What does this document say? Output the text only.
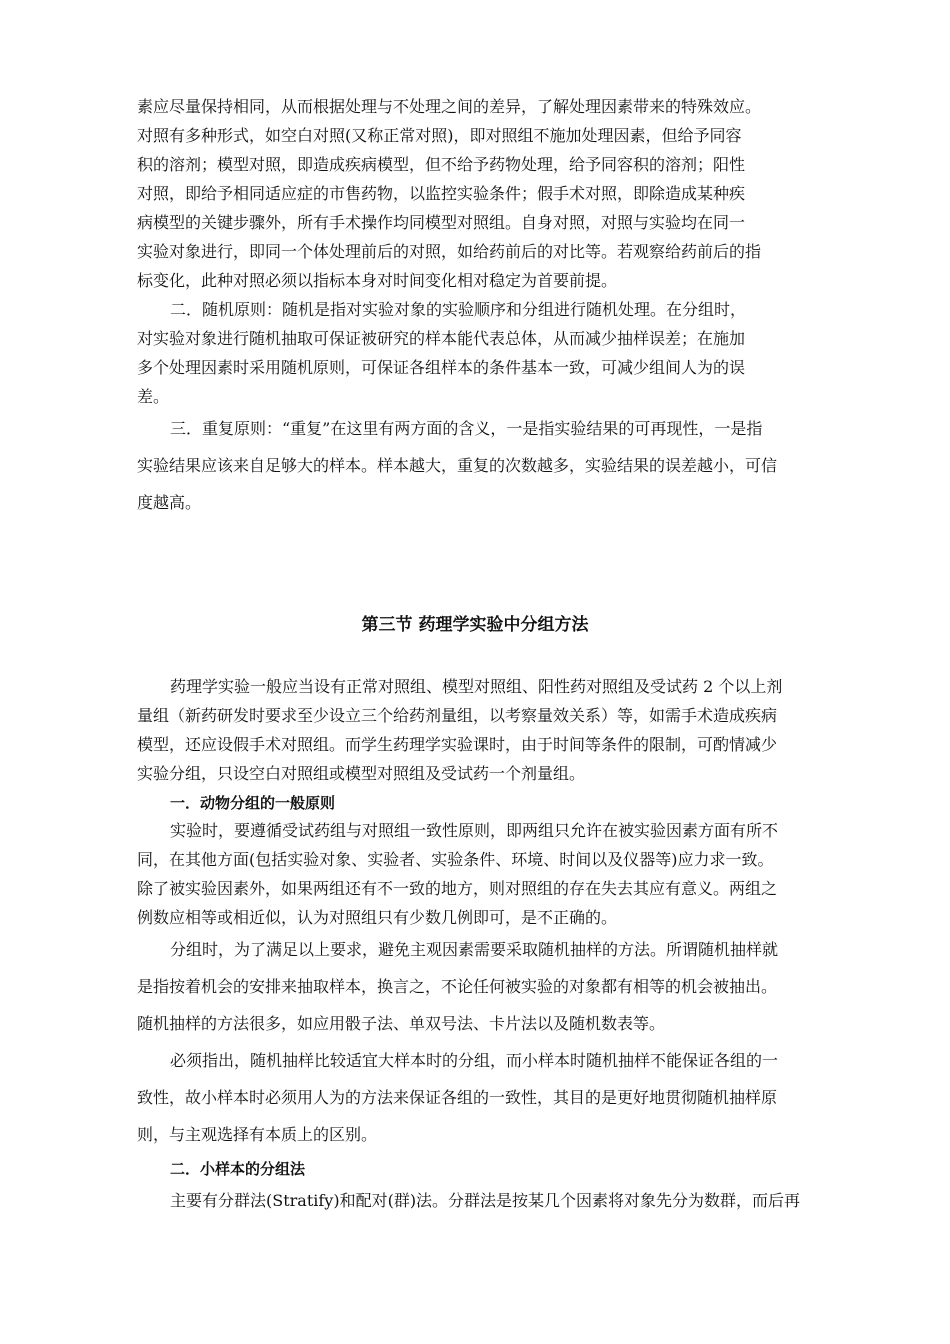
素应尽量保持相同，从而根据处理与不处理之间的差异，了解处理因素带来的特殊效应。

对照有多种形式，如空白对照(又称正常对照)，即对照组不施加处理因素，但给予同容

积的溶剂；模型对照，即造成疾病模型，但不给予药物处理，给予同容积的溶剂；阳性

对照，即给予相同适应症的市售药物，以监控实验条件；假手术对照，即除造成某种疾

病模型的关键步骤外，所有手术操作均同模型对照组。自身对照，对照与实验均在同一

实验对象进行，即同一个体处理前后的对照，如给药前后的对比等。若观察给药前后的指

标变化，此种对照必须以指标本身对时间变化相对稳定为首要前提。

二．随机原则：随机是指对实验对象的实验顺序和分组进行随机处理。在分组时，

对实验对象进行随机抽取可保证被研究的样本能代表总体，从而减少抽样误差；在施加

多个处理因素时采用随机原则，可保证各组样本的条件基本一致，可减少组间人为的误

差。

三．重复原则：“重复”在这里有两方面的含义，一是指实验结果的可再现性，一是指

实验结果应该来自足够大的样本。样本越大，重复的次数越多，实验结果的误差越小，可信

度越高。

第三节 药理学实验中分组方法

药理学实验一般应当设有正常对照组、模型对照组、阳性药对照组及受试药 2 个以上剂

量组（新药研发时要求至少设立三个给药剂量组，以考察量效关系）等，如需手术造成疾病

模型，还应设假手术对照组。而学生药理学实验课时，由于时间等条件的限制，可酌情减少

实验分组，只设空白对照组或模型对照组及受试药一个剂量组。

一．动物分组的一般原则

实验时，要遵循受试药组与对照组一致性原则，即两组只允许在被实验因素方面有所不

同，在其他方面(包括实验对象、实验者、实验条件、环境、时间以及仪器等)应力求一致。

除了被实验因素外，如果两组还有不一致的地方，则对照组的存在失去其应有意义。两组之

例数应相等或相近似，认为对照组只有少数几例即可，是不正确的。

分组时，为了满足以上要求，避免主观因素需要采取随机抽样的方法。所谓随机抽样就

是指按着机会的安排来抽取样本，换言之，不论任何被实验的对象都有相等的机会被抽出。

随机抽样的方法很多，如应用骰子法、单双号法、卡片法以及随机数表等。

必须指出，随机抽样比较适宜大样本时的分组，而小样本时随机抽样不能保证各组的一

致性，故小样本时必须用人为的方法来保证各组的一致性，其目的是更好地贯彻随机抽样原

则，与主观选择有本质上的区别。

二．小样本的分组法

主要有分群法(Stratify)和配对(群)法。分群法是按某几个因素将对象先分为数群，而后再
